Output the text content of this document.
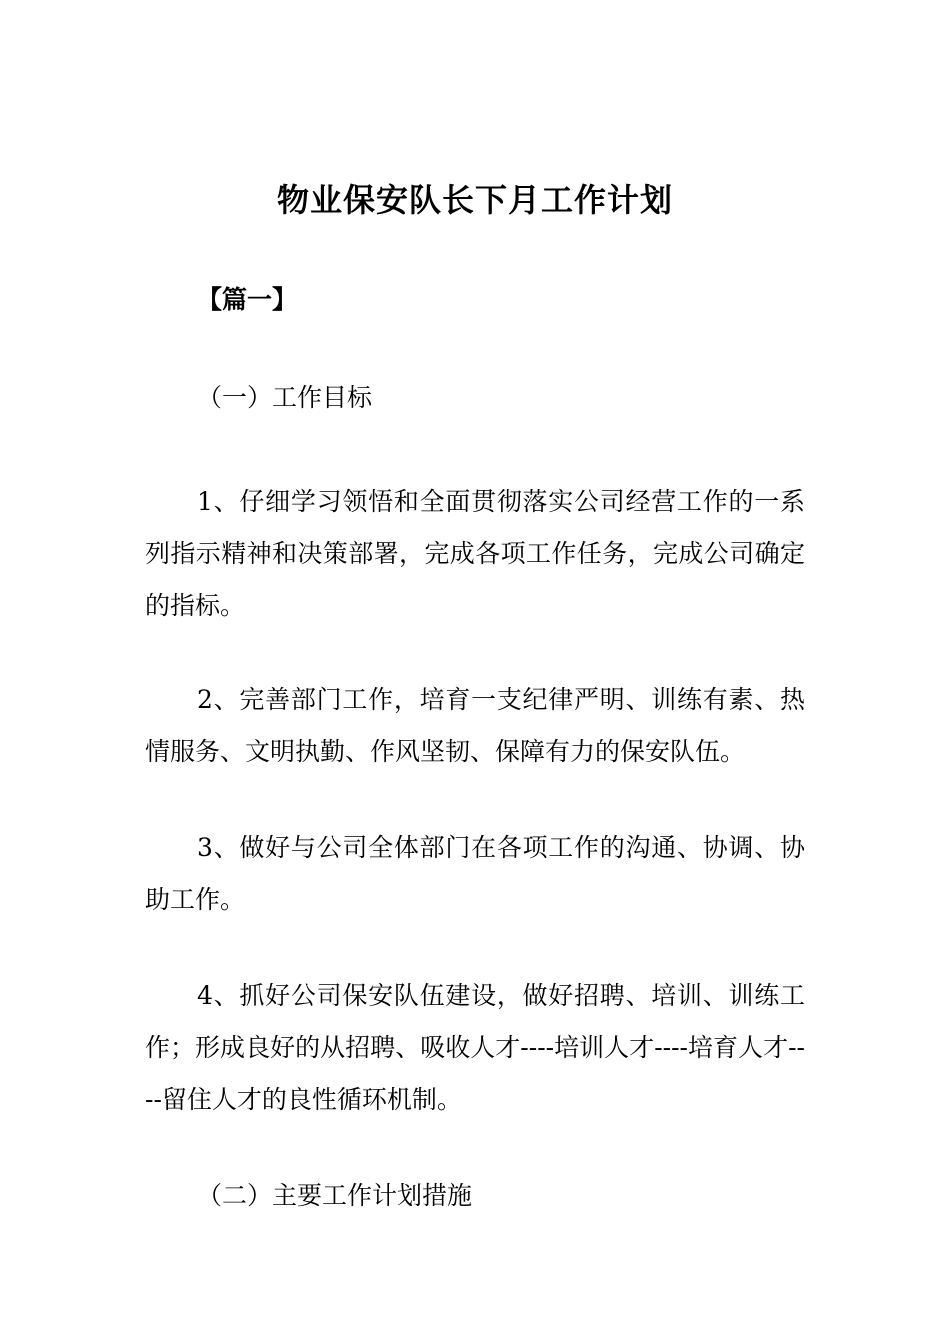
物业保安队长下月工作计划
【篇一】
（一）工作目标

1、仔细学习领悟和全面贯彻落实公司经营工作的一系列指示精神和决策部署，完成各项工作任务，完成公司确定的指标。

2、完善部门工作，培育一支纪律严明、训练有素、热情服务、文明执勤、作风坚韧、保障有力的保安队伍。

3、做好与公司全体部门在各项工作的沟通、协调、协助工作。

4、抓好公司保安队伍建设，做好招聘、培训、训练工作；形成良好的从招聘、吸收人才----培训人才----培育人才----留住人才的良性循环机制。

（二）主要工作计划措施
